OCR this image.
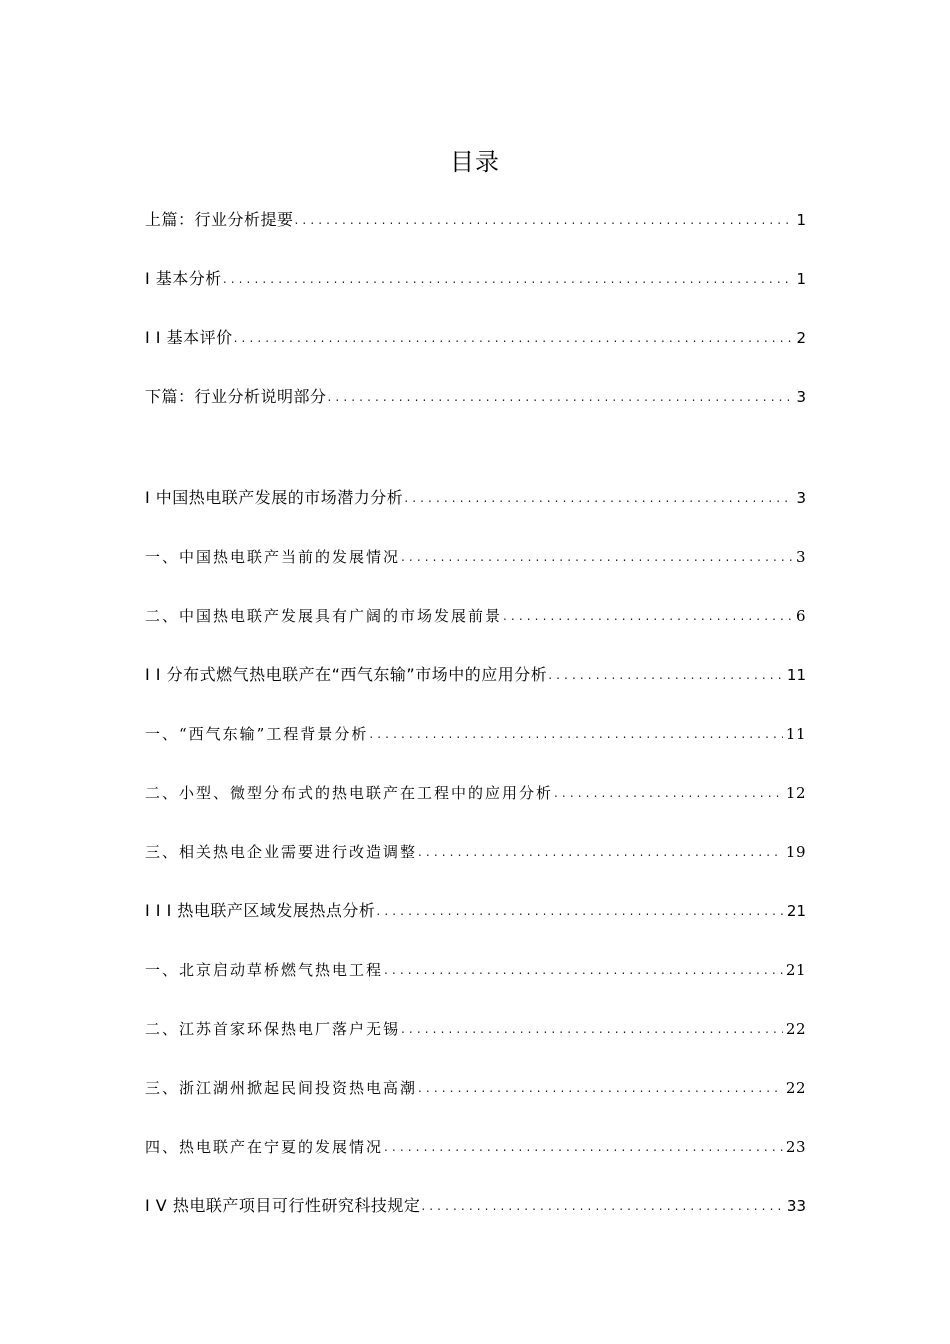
目录
上篇：行业分析提要 .....	1
I 基本分析 .....	1
I I 基本评价 .....	2
下篇：行业分析说明部分 .....	3
I 中国热电联产发展的市场潜力分析 .....	3
一、中国热电联产当前的发展情况 .....	3
二、中国热电联产发展具有广阔的市场发展前景 .....	6
I I 分布式燃气热电联产在“西气东输”市场中的应用分析 .....	11
一、“西气东输”工程背景分析 .....	11
二、小型、微型分布式的热电联产在工程中的应用分析 .....	12
三、相关热电企业需要进行改造调整 .....	19
I I I 热电联产区域发展热点分析 .....	21
一、北京启动草桥燃气热电工程 .....	21
二、江苏首家环保热电厂落户无锡 .....	22
三、浙江湖州掀起民间投资热电高潮 .....	22
四、热电联产在宁夏的发展情况 .....	23
I V 热电联产项目可行性研究科技规定 .....	33
